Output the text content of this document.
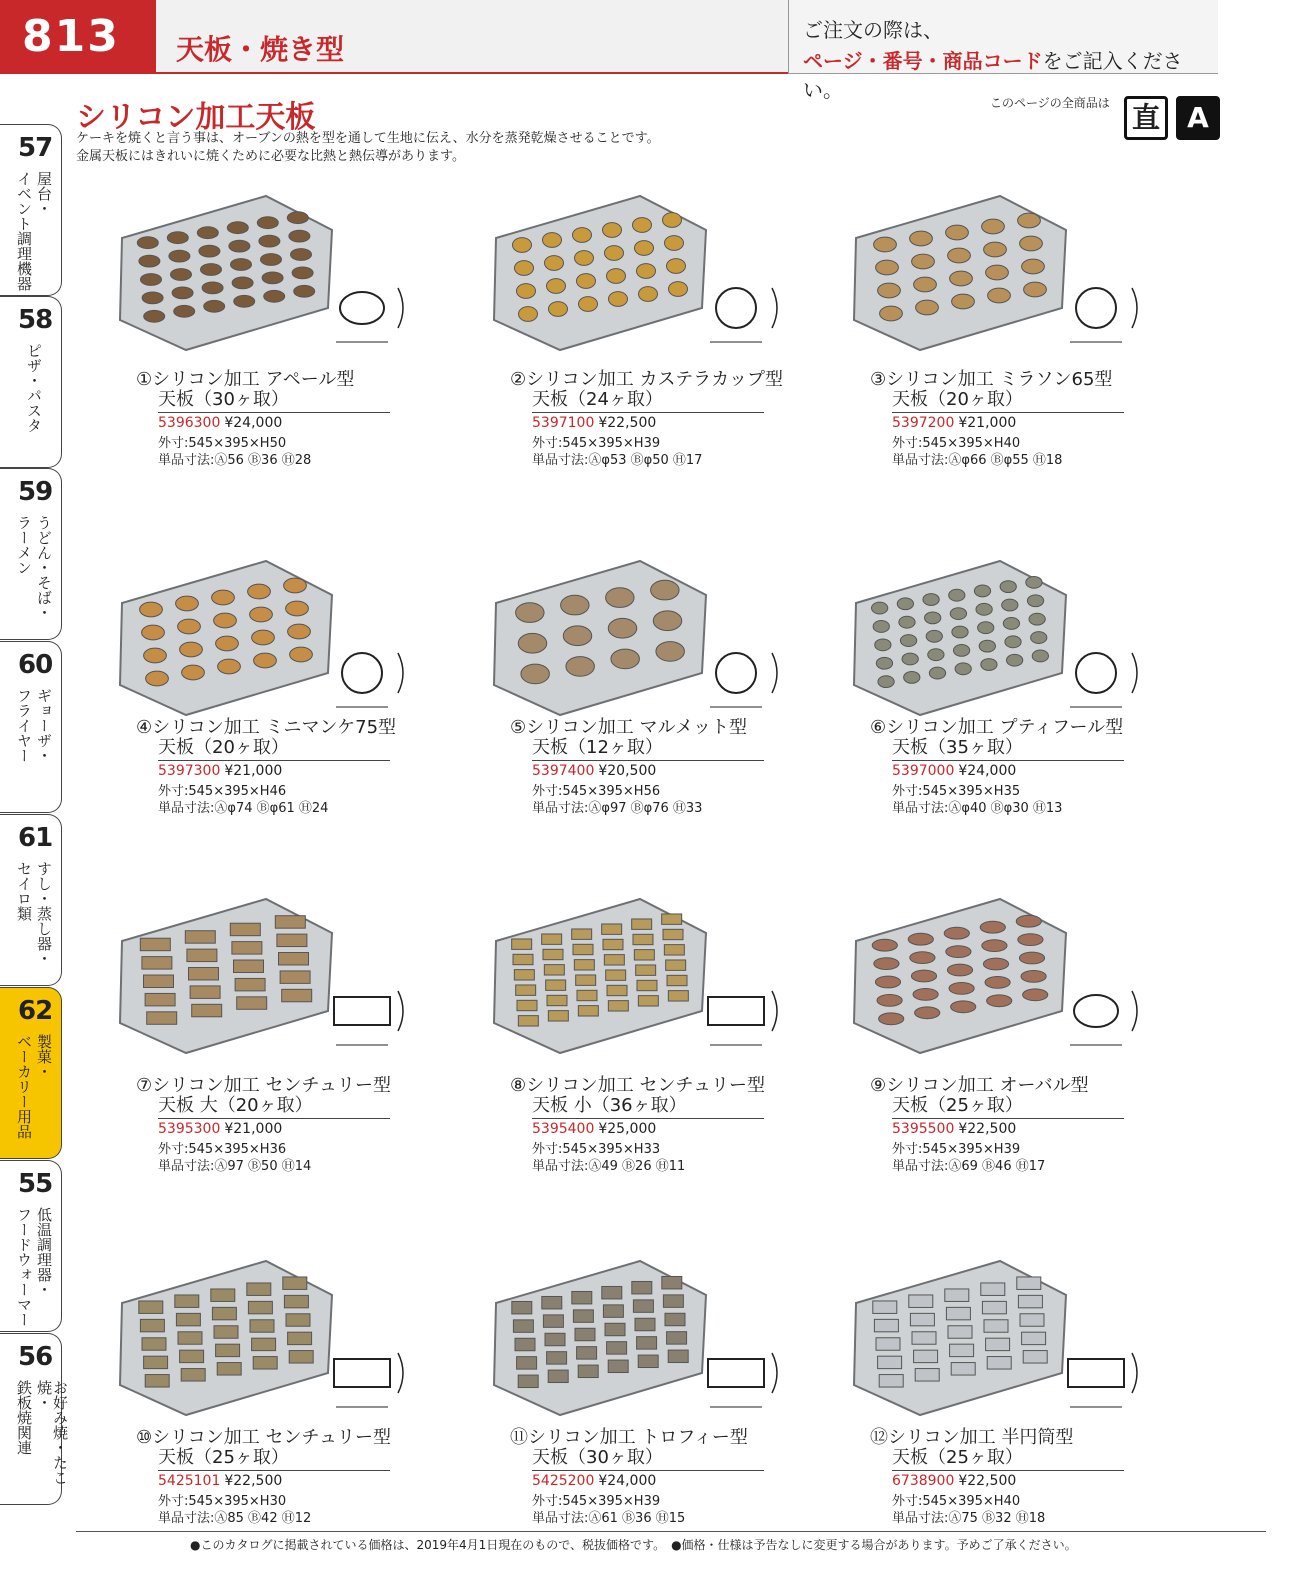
813	天板・焼き型
ご注文の際は、
ページ・番号・商品コードをご記入ください。
シリコン加工天板
ケーキを焼くと言う事は、オーブンの熱を型を通して生地に伝え、水分を蒸発乾燥させることです。
金属天板にはきれいに焼くために必要な比熱と熱伝導があります。
このページの全商品は 直 A
57
屋台・
イベント調理機器
58
ピザ・パスタ
59
うどん・そば・
ラーメン
60
ギョーザ・
フライヤー
61
すし・蒸し器・
セイロ類
62
製菓・
ベーカリー用品
55
低温調理器・
フードウォーマー
56
お好み焼・たこ焼・
鉄板焼関連
①シリコン加工 アペール型
天板（30ヶ取）
5396300 ¥24,000
外寸:545×395×H50
単品寸法:Ⓐ56 Ⓑ36 Ⓗ28
②シリコン加工 カステラカップ型
天板（24ヶ取）
5397100 ¥22,500
外寸:545×395×H39
単品寸法:Ⓐφ53 Ⓑφ50 Ⓗ17
③シリコン加工 ミラソン65型
天板（20ヶ取）
5397200 ¥21,000
外寸:545×395×H40
単品寸法:Ⓐφ66 Ⓑφ55 Ⓗ18
④シリコン加工 ミニマンケ75型
天板（20ヶ取）
5397300 ¥21,000
外寸:545×395×H46
単品寸法:Ⓐφ74 Ⓑφ61 Ⓗ24
⑤シリコン加工 マルメット型
天板（12ヶ取）
5397400 ¥20,500
外寸:545×395×H56
単品寸法:Ⓐφ97 Ⓑφ76 Ⓗ33
⑥シリコン加工 プティフール型
天板（35ヶ取）
5397000 ¥24,000
外寸:545×395×H35
単品寸法:Ⓐφ40 Ⓑφ30 Ⓗ13
⑦シリコン加工 センチュリー型
天板 大（20ヶ取）
5395300 ¥21,000
外寸:545×395×H36
単品寸法:Ⓐ97 Ⓑ50 Ⓗ14
⑧シリコン加工 センチュリー型
天板 小（36ヶ取）
5395400 ¥25,000
外寸:545×395×H33
単品寸法:Ⓐ49 Ⓑ26 Ⓗ11
⑨シリコン加工 オーバル型
天板（25ヶ取）
5395500 ¥22,500
外寸:545×395×H39
単品寸法:Ⓐ69 Ⓑ46 Ⓗ17
⑩シリコン加工 センチュリー型
天板（25ヶ取）
5425101 ¥22,500
外寸:545×395×H30
単品寸法:Ⓐ85 Ⓑ42 Ⓗ12
⑪シリコン加工 トロフィー型
天板（30ヶ取）
5425200 ¥24,000
外寸:545×395×H39
単品寸法:Ⓐ61 Ⓑ36 Ⓗ15
⑫シリコン加工 半円筒型
天板（25ヶ取）
6738900 ¥22,500
外寸:545×395×H40
単品寸法:Ⓐ75 Ⓑ32 Ⓗ18
●このカタログに掲載されている価格は、2019年4月1日現在のもので、税抜価格です。　●価格・仕様は予告なしに変更する場合があります。予めご了承ください。
